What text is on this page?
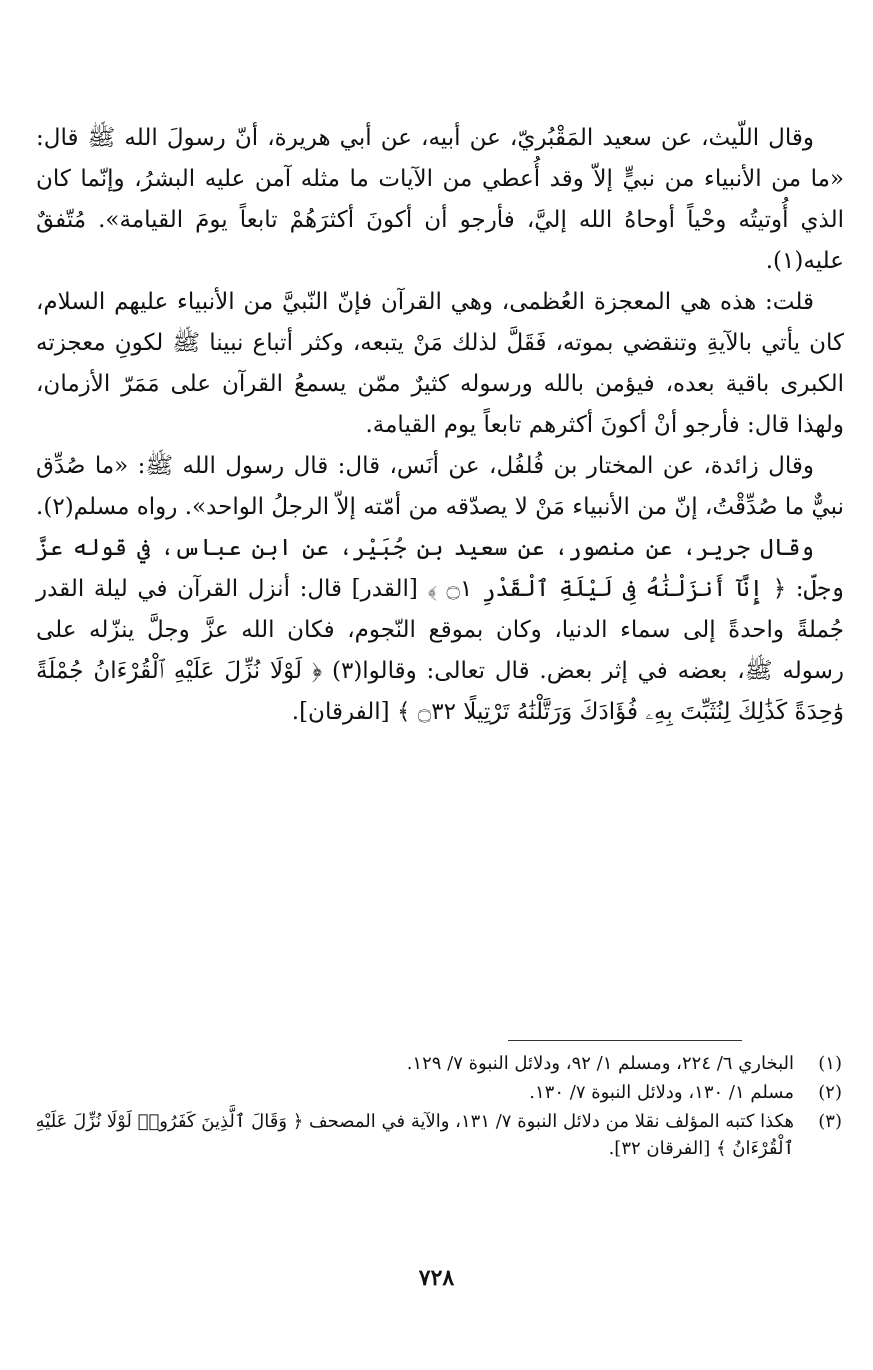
وقال اللّيث، عن سعيد المَقْبُريّ، عن أبيه، عن أبي هريرة، أنّ رسولَ الله ﷺ قال: «ما من الأنبياء من نبيٍّ إلاّ وقد أُعطي من الآيات ما مثله آمن عليه البشرُ، وإنّما كان الذي أُوتيتُه وحْياً أوحاهُ الله إليَّ، فأرجو أن أكونَ أكثرَهُمْ تابعاً يومَ القيامة». مُتّفقٌ عليه(١).

قلت: هذه هي المعجزة العُظمى، وهي القرآن فإنّ النّبيَّ من الأنبياء عليهم السلام، كان يأتي بالآيةِ وتنقضي بموته، فَقَلَّ لذلك مَنْ يتبعه، وكثر أتباع نبينا ﷺ لكونِ معجزته الكبرى باقية بعده، فيؤمن بالله ورسوله كثيرٌ ممّن يسمعُ القرآن على مَمَرّ الأزمان، ولهذا قال: فأرجو أنْ أكونَ أكثرهم تابعاً يوم القيامة.

وقال زائدة، عن المختار بن فُلفُل، عن أنَس، قال: قال رسول الله ﷺ: «ما صُدِّق نبيٌّ ما صُدِّقْتُ، إنّ من الأنبياء مَنْ لا يصدّقه من أمّته إلاّ الرجلُ الواحد». رواه مسلم(٢).

وقال جرير، عن منصور، عن سعيد بن جُبَيْر، عن ابن عباس، في قوله عزَّ وجلّ: ﴿ إِنَّآ أَنزَلْنَٰهُ فِى لَيْلَةِ ٱلْقَدْرِ ۝١ ﴾ [القدر] قال: أنزل القرآن في ليلة القدر جُملةً واحدةً إلى سماء الدنيا، وكان بموقع النّجوم، فكان الله عزَّ وجلَّ ينزّله على رسوله ﷺ، بعضه في إثر بعض. قال تعالى: وقالوا(٣) ﴿ لَوْلَا نُزِّلَ عَلَيْهِ ٱلْقُرْءَانُ جُمْلَةً وَٰحِدَةً كَذَٰلِكَ لِنُثَبِّتَ بِهِۦ فُؤَادَكَ وَرَتَّلْنَٰهُ تَرْتِيلًا ۝٣٢ ﴾ [الفرقان].

(١)
البخاري ٦/ ٢٢٤، ومسلم ١/ ٩٢، ودلائل النبوة ٧/ ١٢٩.
(٢)
مسلم ١/ ١٣٠، ودلائل النبوة ٧/ ١٣٠.
(٣)
هكذا كتبه المؤلف نقلا من دلائل النبوة ٧/ ١٣١، والآية في المصحف ﴿ وَقَالَ ٱلَّذِينَ كَفَرُوا۟ لَوْلَا نُزِّلَ عَلَيْهِ ٱلْقُرْءَانُ ﴾ [الفرقان ٣٢].
٧٢٨
